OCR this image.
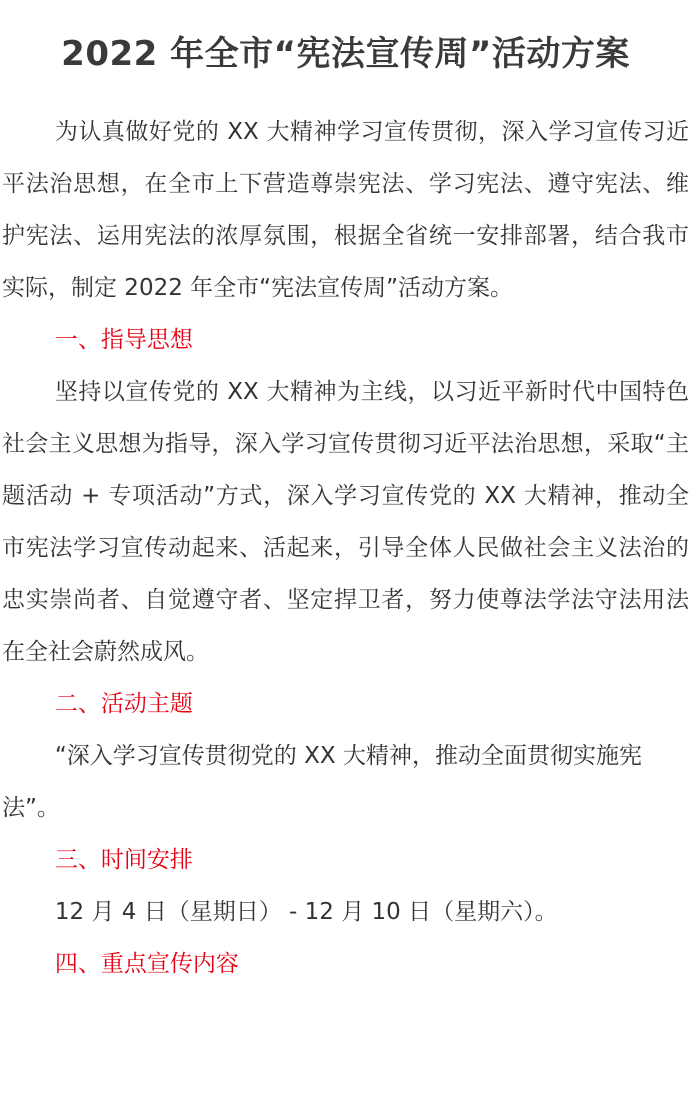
2022 年全市“宪法宣传周”活动方案

为认真做好党的 XX 大精神学习宣传贯彻，深入学习宣传习近平法治思想，在全市上下营造尊崇宪法、学习宪法、遵守宪法、维护宪法、运用宪法的浓厚氛围，根据全省统一安排部署，结合我市实际，制定 2022 年全市“宪法宣传周”活动方案。

一、指导思想

坚持以宣传党的 XX 大精神为主线，以习近平新时代中国特色社会主义思想为指导，深入学习宣传贯彻习近平法治思想，采取“主题活动 + 专项活动”方式，深入学习宣传党的 XX 大精神，推动全市宪法学习宣传动起来、活起来，引导全体人民做社会主义法治的忠实崇尚者、自觉遵守者、坚定捍卫者，努力使尊法学法守法用法在全社会蔚然成风。

二、活动主题

“深入学习宣传贯彻党的 XX 大精神，推动全面贯彻实施宪法”。

三、时间安排

12 月 4 日（星期日） - 12 月 10 日（星期六）。

四、重点宣传内容
